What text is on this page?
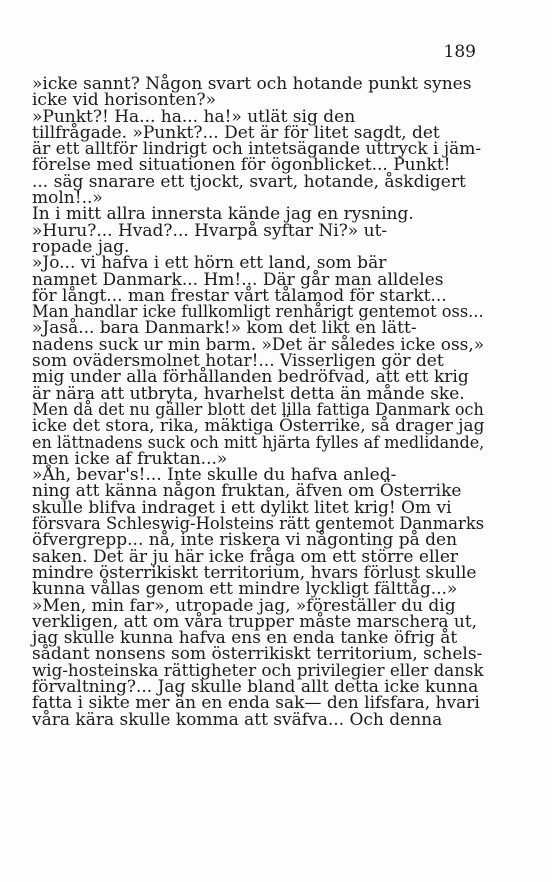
189
»icke sannt? Någon svart och hotande punkt synes
icke vid horisonten?»
»Punkt?! Ha... ha... ha!» utlät sig den
tillfrågade. »Punkt?... Det är för litet sagdt, det
är ett alltför lindrigt och intetsägande uttryck i jäm-
förelse med situationen för ögonblicket... Punkt!
... säg snarare ett tjockt, svart, hotande, åskdigert
moln!..»
In i mitt allra innersta kände jag en rysning.
»Huru?... Hvad?... Hvarpå syftar Ni?» ut-
ropade jag.
»Jo... vi hafva i ett hörn ett land, som bär
namnet Danmark... Hm!... Där går man alldeles
för långt... man frestar vårt tålamod för starkt...
Man handlar icke fullkomligt renhårigt gentemot oss...
»Jaså... bara Danmark!» kom det likt en lätt-
nadens suck ur min barm. »Det är således icke oss,»
som ovädersmolnet hotar!... Visserligen gör det
mig under alla förhållanden bedröfvad, att ett krig
är nära att utbryta, hvarhelst detta än månde ske.
Men då det nu gäller blott det lilla fattiga Danmark och
icke det stora, rika, mäktiga Österrike, så drager jag
en lättnadens suck och mitt hjärta fylles af medlidande,
men icke af fruktan...»
»Åh, bevar's!... Inte skulle du hafva anled-
ning att känna någon fruktan, äfven om Österrike
skulle blifva indraget i ett dylikt litet krig! Om vi
försvara Schleswig-Holsteins rätt gentemot Danmarks
öfvergrepp... nå, inte riskera vi någonting på den
saken. Det är ju här icke fråga om ett större eller
mindre österrikiskt territorium, hvars förlust skulle
kunna vållas genom ett mindre lyckligt fälttåg...»
»Men, min far», utropade jag, »föreställer du dig
verkligen, att om våra trupper måste marschera ut,
jag skulle kunna hafva ens en enda tanke öfrig åt
sådant nonsens som österrikiskt territorium, schels-
wig-hosteinska rättigheter och privilegier eller dansk
förvaltning?... Jag skulle bland allt detta icke kunna
fatta i sikte mer än en enda sak— den lifsfara, hvari
våra kära skulle komma att sväfva... Och denna
